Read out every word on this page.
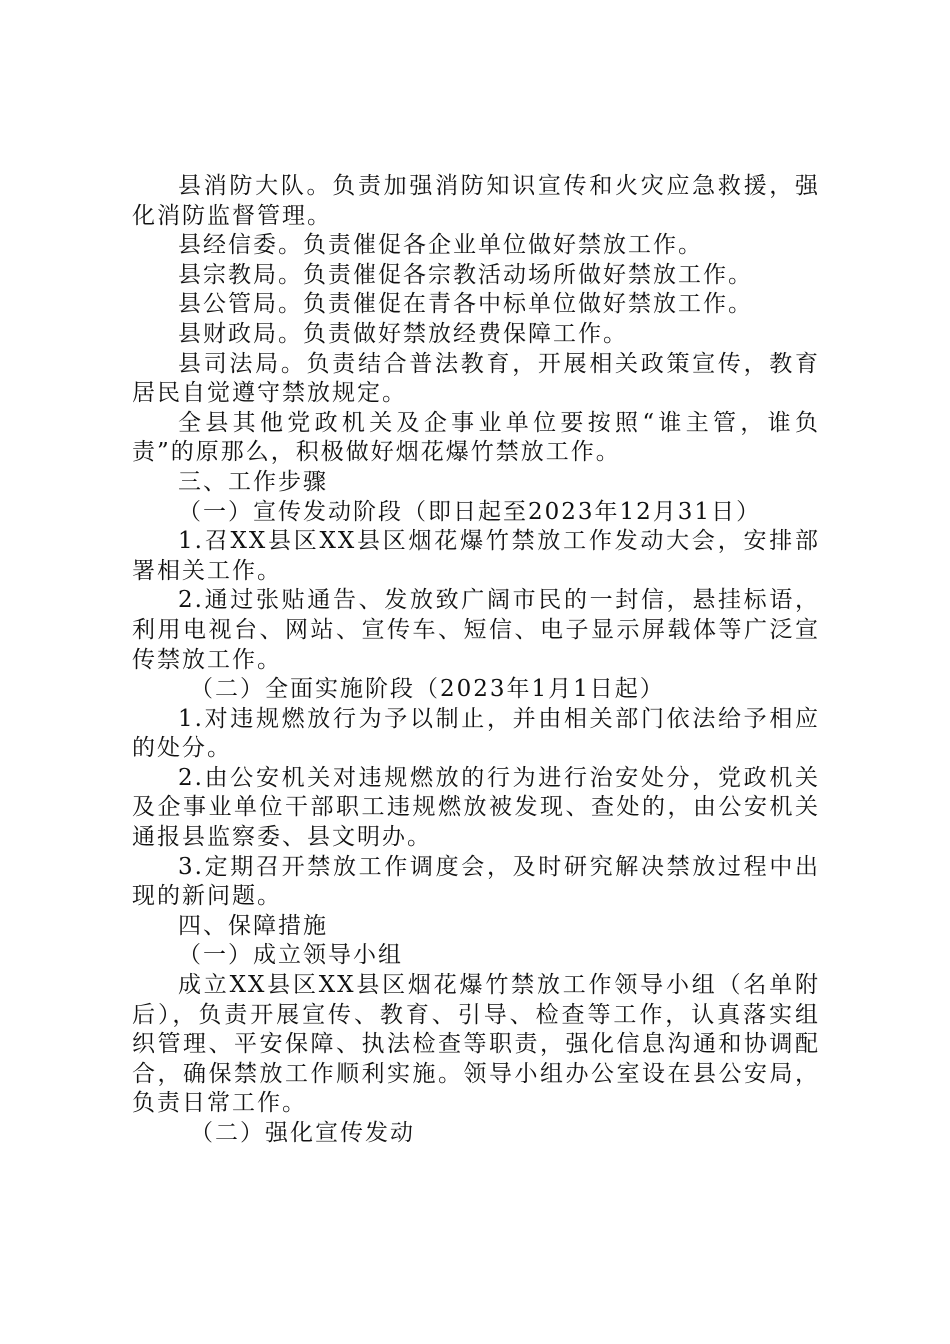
县消防大队。负责加强消防知识宣传和火灾应急救援，强化消防监督管理。

县经信委。负责催促各企业单位做好禁放工作。

县宗教局。负责催促各宗教活动场所做好禁放工作。

县公管局。负责催促在青各中标单位做好禁放工作。

县财政局。负责做好禁放经费保障工作。

县司法局。负责结合普法教育，开展相关政策宣传，教育居民自觉遵守禁放规定。

全县其他党政机关及企事业单位要按照“谁主管，谁负责”的原那么，积极做好烟花爆竹禁放工作。

三、工作步骤

（一）宣传发动阶段（即日起至2023年12月31日）

1.召XX县区XX县区烟花爆竹禁放工作发动大会，安排部署相关工作。

2.通过张贴通告、发放致广阔市民的一封信，悬挂标语，利用电视台、网站、宣传车、短信、电子显示屏载体等广泛宣传禁放工作。

（二）全面实施阶段（2023年1月1日起）

1.对违规燃放行为予以制止，并由相关部门依法给予相应的处分。

2.由公安机关对违规燃放的行为进行治安处分，党政机关及企事业单位干部职工违规燃放被发现、查处的，由公安机关通报县监察委、县文明办。

3.定期召开禁放工作调度会，及时研究解决禁放过程中出现的新问题。

四、保障措施

（一）成立领导小组

成立XX县区XX县区烟花爆竹禁放工作领导小组（名单附后），负责开展宣传、教育、引导、检查等工作，认真落实组织管理、平安保障、执法检查等职责，强化信息沟通和协调配合，确保禁放工作顺利实施。领导小组办公室设在县公安局，负责日常工作。

（二）强化宣传发动
